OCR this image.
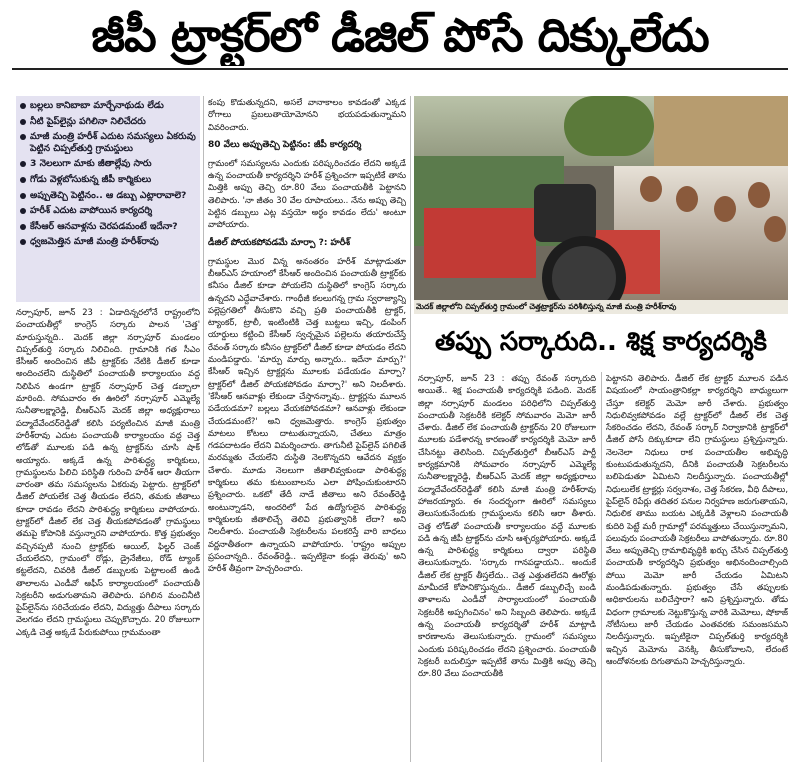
జీపీ ట్రాక్టర్‌లో డీజిల్ పోసే దిక్కులేదు
బల్లలు కానిబాబా మార్చేనాథుడు లేడు
నీటి పైప్‌లైన్లు పగిలినా నిలిచేదరు
మాజీ మంత్రి హరీశ్ ఎదుట సమస్యలు ఏకరువు పెట్టిన చిప్పల్‌తుర్తి గ్రామస్థులు
3 నెలలుగా మాకు జీతాల్లేవు సారు
గోడు వెళ్లబోసుకున్న జీపీ కార్మికులు
అప్పుతెచ్చి పెట్టినం.. ఆ డబ్బు ఎట్లారావాలె?
హరీశ్ ఎదుట వాపోయిన కార్యదర్శి
కేసీఆర్ ఆనవాళ్లను చెరపడమంటే ఇదేనా?
ధ్వజమెత్తిన మాజీ మంత్రి హరీశ్‌రావు

నర్సాపూర్, జూన్ 23 : ఏడాదిన్నరలోనే రాష్ట్రంలోని పంచాయతీల్లో కాంగ్రెస్ సర్కారు పాలన 'చెత్త' మారుస్తున్నది.. మెదక్ జిల్లా నర్సాపూర్ మండలం చిప్పల్‌తుర్తి సర్కారు నిలిచింది. గ్రామానికి గత సీఎం కేసీఆర్ అందించిన జీపీ ట్రాక్టర్‌కు నేటికి డీజిల్ కూడా అందించలేని దుస్థితిలో పంచాయతీ కార్యాలయం వద్ద నిలిపిన ఉండగా ట్రాక్టర్ నర్సాపూర్ చెత్త డబ్బాలా మారింది. సోమవారం ఈ ఊరిలో నర్సాపూర్ ఎమ్మెల్యే సునీతాలక్ష్మారెడ్డి, బీఆర్ఎస్ మెదక్ జిల్లా అధ్యక్షురాలు పద్మాదేవేందర్‌రెడ్డితో కలిసి పర్యటించిన మాజీ మంత్రి హరీశ్‌రావు ఎదుట పంచాయతీ కార్యాలయం వద్ద చెత్త లోడ్‌తో మూలకు పడి ఉన్న ట్రాక్టర్‌ను చూసి షాక్ అయ్యారు. అక్కడే ఉన్న పారిశుద్ధ్య కార్మికులు, గ్రామస్థులను పిలిచి పరిస్థితి గురించి హరీశ్ ఆరా తీయగా వారంతా తమ సమస్యలను ఏకరువు పెట్టారు. ట్రాక్టర్‌లో డీజిల్ పోయలేక చెత్త తీయడం లేదని, తమకు జీతాలు కూడా రావడం లేదని పారిశుద్ధ్య కార్మికులు వాపోయారు. ట్రాక్టర్‌లో డీజిల్ లేక చెత్త తీయకపోవడంతో గ్రామస్థులు తమపై కోపానికి వస్తున్నారని వాపోయారు. కొత్త ప్రభుత్వం వచ్చినప్పటి నుంచి ట్రాక్టర్‌కు ఆయిల్, ఫిల్టర్ చెంజ్ చేయలేదని, గ్రామంలో రోడ్లు, డ్రైనేజీలు, రోడ్ ట్యాంక్ కట్టలేదని, చివరికి డీజిల్ డబ్బులకు పెట్టాలంటే ఉండి తాలాలను ఎండీవో ఆఫీస్ కార్యాలయంలో పంచాయతీ సెక్రటరీని అడుగుతామని తెలిపారు. పగిలిన మంచినీటి పైప్‌లైన్‌ను సరిచేయడం లేదని, విద్యుత్తు దీపాలు సర్కారు వెలగడం లేదని గ్రామస్థులు చెప్పుకొచ్చారు. 20 రోజులుగా ఎక్కడి చెత్త అక్కడే పేరుకుపోయి గ్రామమంతా

కంపు కొడుతున్నదని, అసలే వానాకాలం కావడంతో ఎక్కడ రోగాలు ప్రబలుతాయోమోనని భయపడుతున్నామని వివరించారు.

80 వేలు అప్పుతెచ్చి పెట్టినం: జీపీ కార్యదర్శి

గ్రామంలో సమస్యలను ఎందుకు పరిష్కరించడం లేదని అక్కడే ఉన్న పంచాయతీ కార్యదర్శిని హరీశ్ ప్రశ్నించగా ఇప్పటికే తాను మిత్తికి అప్పు తెచ్చి రూ.80 వేలు పంచాయతీకి పెట్టానని తెలిపారు. 'నా జీతం 30 వేల రూపాయలు.. నేను అప్పు తెచ్చి పెట్టిన డబ్బులు ఎట్ల వస్తయో అర్థం కావడం లేదు' అంటూ వాపోయారు.

డీజిల్ పోయకపోవడమే మార్పా ?: హరీశ్

గ్రామస్థుల మొర విన్న అనంతరం హరీశ్ మాట్లాడుతూ బీఆర్ఎస్ హయాంలో కేసీఆర్ అందించిన పంచాయతీ ట్రాక్టర్‌కు కనీసం డీజిల్ కూడా పోయలేని దుస్థితిలో కాంగ్రెస్ సర్కారు ఉన్నదని ఎద్దేవాచేశారు. గాంధీజీ కలలుగన్న గ్రామ స్వరాజ్యాన్ని పల్లెప్రగతిలో తీసుకొని వచ్చి ప్రతి పంచాయతీకి ట్రాక్టర్, ట్యాంకర్, ట్రాలీ, ఇంటింటికి చెత్త బుట్టలు ఇచ్చి, డంపింగ్ యార్డులు కట్టించి కేసీఆర్ స్వచ్ఛమైన పల్లెలను తయారుచేస్తే రేవంత్ సర్కారు కనీసం ట్రాక్టర్‌లో డీజిల్ కూడా పోయడం లేదని మండిపడ్డారు. 'మార్పు మార్పు అన్నారు.. ఇదేనా మార్పు?' కేసీఆర్ ఇచ్చిన ట్రాక్టర్లను మూలకు పడేయడం మార్పా? ట్రాక్టర్‌లో డీజిల్ పోయకపోవడం మార్పా?' అని నిలదీశారు. 'కేసీఆర్ ఆనవాళ్లు లేకుండా చేస్తానన్నావు.. ట్రాక్టర్లను మూలన పడేయడమా? బల్లలు వేయకపోవడమా? ఆనవాళ్లు లేకుండా చేయడమంటే?' అని ధ్వజమెత్తారు. కాంగ్రెస్ ప్రభుత్వం మాటలు కోటలు దాటుతున్నాయని, చేతలు మాత్రం గడపదాటడం లేదని విమర్శించారు. తాగునీటి పైప్‌లైన్ పగిలితే మరమ్మతు చేయలేని దుస్థితి నెలకొన్నదని ఆవేదన వ్యక్తం చేశారు. మూడు నెలలుగా జీతాలివ్వకుండా పారిశుద్ధ్య కార్మికులు తమ కుటుంబాలను ఎలా పోషించుకుంటారని ప్రశ్నించారు. ఒకటో తేదీ నాడే జీతాలు అని రేవంత్‌రెడ్డి అంటున్నాడని, అందరిలో పేద ఉద్యోగులైన పారిశుద్ధ్య కార్మికులకు జీతాలిచ్చే తెలివి ప్రభుత్వానికి లేదా? అని నిలదీశారు. పంచాయతీ సెక్రటరీలను పలకరిస్తే వారి బాధలు వర్ణనాతీతంగా ఉన్నాయని వాపోయారు. 'రాష్ట్రం అప్పుల ప్రపంచాన్నది.. రేవంత్‌రెడ్డి.. ఇప్పటికైనా కండ్లు తెరువు' అని హరీశ్ తీవ్రంగా హెచ్చరించారు.

మెదక్ జిల్లాలోని చిప్పల్‌తుర్తి గ్రామంలో చెత్తట్రాక్టర్‌ను పరిశీలిస్తున్న మాజీ మంత్రి హరీశ్‌రావు
తప్పు సర్కారుది.. శిక్ష కార్యదర్శికి

నర్సాపూర్, జూన్ 23 : తప్పు రేవంత్ సర్కారుది అయితే.. శిక్ష పంచాయతీ కార్యదర్శికి పడింది. మెదక్ జిల్లా నర్సాపూర్ మండలం పరిధిలోని చిప్పల్‌తుర్తి పంచాయతీ సెక్రటరీకి కలెక్టర్ సోమవారం మెమో జారీ చేశారు. డీజిల్ లేక పంచాయతీ ట్రాక్టర్‌ను 20 రోజులుగా మూలకు పడేశారన్న కారణంతో కార్యదర్శికి మెమో జారీ చేసినట్టు తెలిసింది. చిప్పల్‌తుర్తిలో బీఆర్ఎస్ పార్టీ కార్యక్రమానికి సోమవారం నర్సాపూర్ ఎమ్మెల్యే సునీతాలక్ష్మారెడ్డి, బీఆర్ఎస్ మెదక్ జిల్లా అధ్యక్షురాలు పద్మాదేవేందర్‌రెడ్డితో కలిసి మాజీ మంత్రి హరీశ్‌రావు హాజరయ్యారు. ఈ సందర్భంగా ఊరిలో సమస్యలు తెలుసుకునేందుకు గ్రామస్థులను కలిసి ఆరా తీశారు. చెత్త లోడ్‌తో పంచాయతీ కార్యాలయం వద్దే మూలకు పడి ఉన్న జీపీ ట్రాక్టర్‌ను చూసి ఆశ్చర్యపోయారు. అక్కడే ఉన్న పారిశుద్ధ్య కార్మికులు ద్వారా పరిస్థితి తెలుసుకున్నారు. 'సర్కారు గానపడ్డాయని.. అందుకే డీజిల్ లేక ట్రాక్టర్ తీస్తలేదు.. చెత్త ఎత్తుతలేదని ఊరోళ్లు మామీదకే కోపానికొస్తున్నరు.. డీజిల్ డబ్బులిచ్చే బండి తాళాలను ఎండీవో సార్యాలయంలో పంచాయతీ సెక్రటరీకి అప్పగించినం' అని సిబ్బంది తెలిపారు. అక్కడే ఉన్న పంచాయతీ కార్యదర్శితో హరీశ్ మాట్లాడి కారణాలను తెలుసుకున్నారు. గ్రామంలో సమస్యలు ఎందుకు పరిష్కరించడం లేదని ప్రశ్నించారు. పంచాయతీ సెక్రటరీ బదులిస్తూ ఇప్పటికే తాను మిత్తికి అప్పు తెచ్చి రూ.80 వేలు పంచాయతీకి

పెట్టానని తెలిపారు. డీజిల్ లేక ట్రాక్టర్ మూలన పడిన విషయంలో సాయంత్రానికల్లా కార్యదర్శిని బాధ్యులుగా చేస్తూ కలెక్టర్ మెమో జారీ చేశారు. ప్రభుత్వం నిధులివ్వకపోవడం వల్లే ట్రాక్టర్‌లో డీజిల్ లేక చెత్త సేకరించడం లేదని, రేవంత్ సర్కార్ నిర్వాకానికి ట్రాక్టర్‌లో డీజిల్ పోసే దిక్కుకూడా లేని గ్రామస్థులు ప్రశ్నిస్తున్నారు. నెలనెలా నిధులు రాక పంచాయతీల అభివృద్ధి కుంటుపడుతున్నదని, దీనికి పంచాయతీ సెక్రటరీలను బలిపెడుతూ ఏమిటని నిలదీస్తున్నారు. పంచాయతీల్లో నిధులులేక ట్రాక్టర్లు సర్వనాశం, చెత్త సేకరణ, వీధి దీపాలు, పైప్‌లైన్ రిపేర్లు తదితర పనుల నిర్వహణ జరుగుతాయని, నిధులిక తాము బయట ఎక్కడికి వెళ్లాలని పంచాయతీ కుదిరి పెట్టే మరీ గ్రామాల్లో పరమ్మత్తులు చేయిస్తున్నామని, పలువురు పంచాయతీ సెక్రటరీలు వాపోతున్నారు. రూ.80 వేలు అప్పుతెచ్చి గ్రామాభివృద్ధికి ఖర్చు చేసిన చిప్పల్‌తుర్తి పంచాయతీ కార్యదర్శిని ప్రభుత్వం అభినందించాల్సింది పోయి మెమో జారీ చేయడం ఏమిటని మండిపడుతున్నారు. ప్రభుత్వం చేసే తప్పులకు అధికారులను బలిచేస్తారా? అని ప్రశ్నిస్తున్నారు. తోడు విధంగా గ్రామాలకు నెట్టుకొస్తున్న వారికి మెమోలు, షోకాజ్ నోటీసులు జారీ చేయడం ఎంతవరకు సమంజసమని నిలదీస్తున్నారు. ఇప్పటికైనా చిప్పల్‌తుర్తి కార్యదర్శికి ఇచ్చిన మెమోను వెనక్కి తీసుకోవాలని, లేదంటే ఆందోళనలకు దిగుతామని హెచ్చరిస్తున్నారు.
